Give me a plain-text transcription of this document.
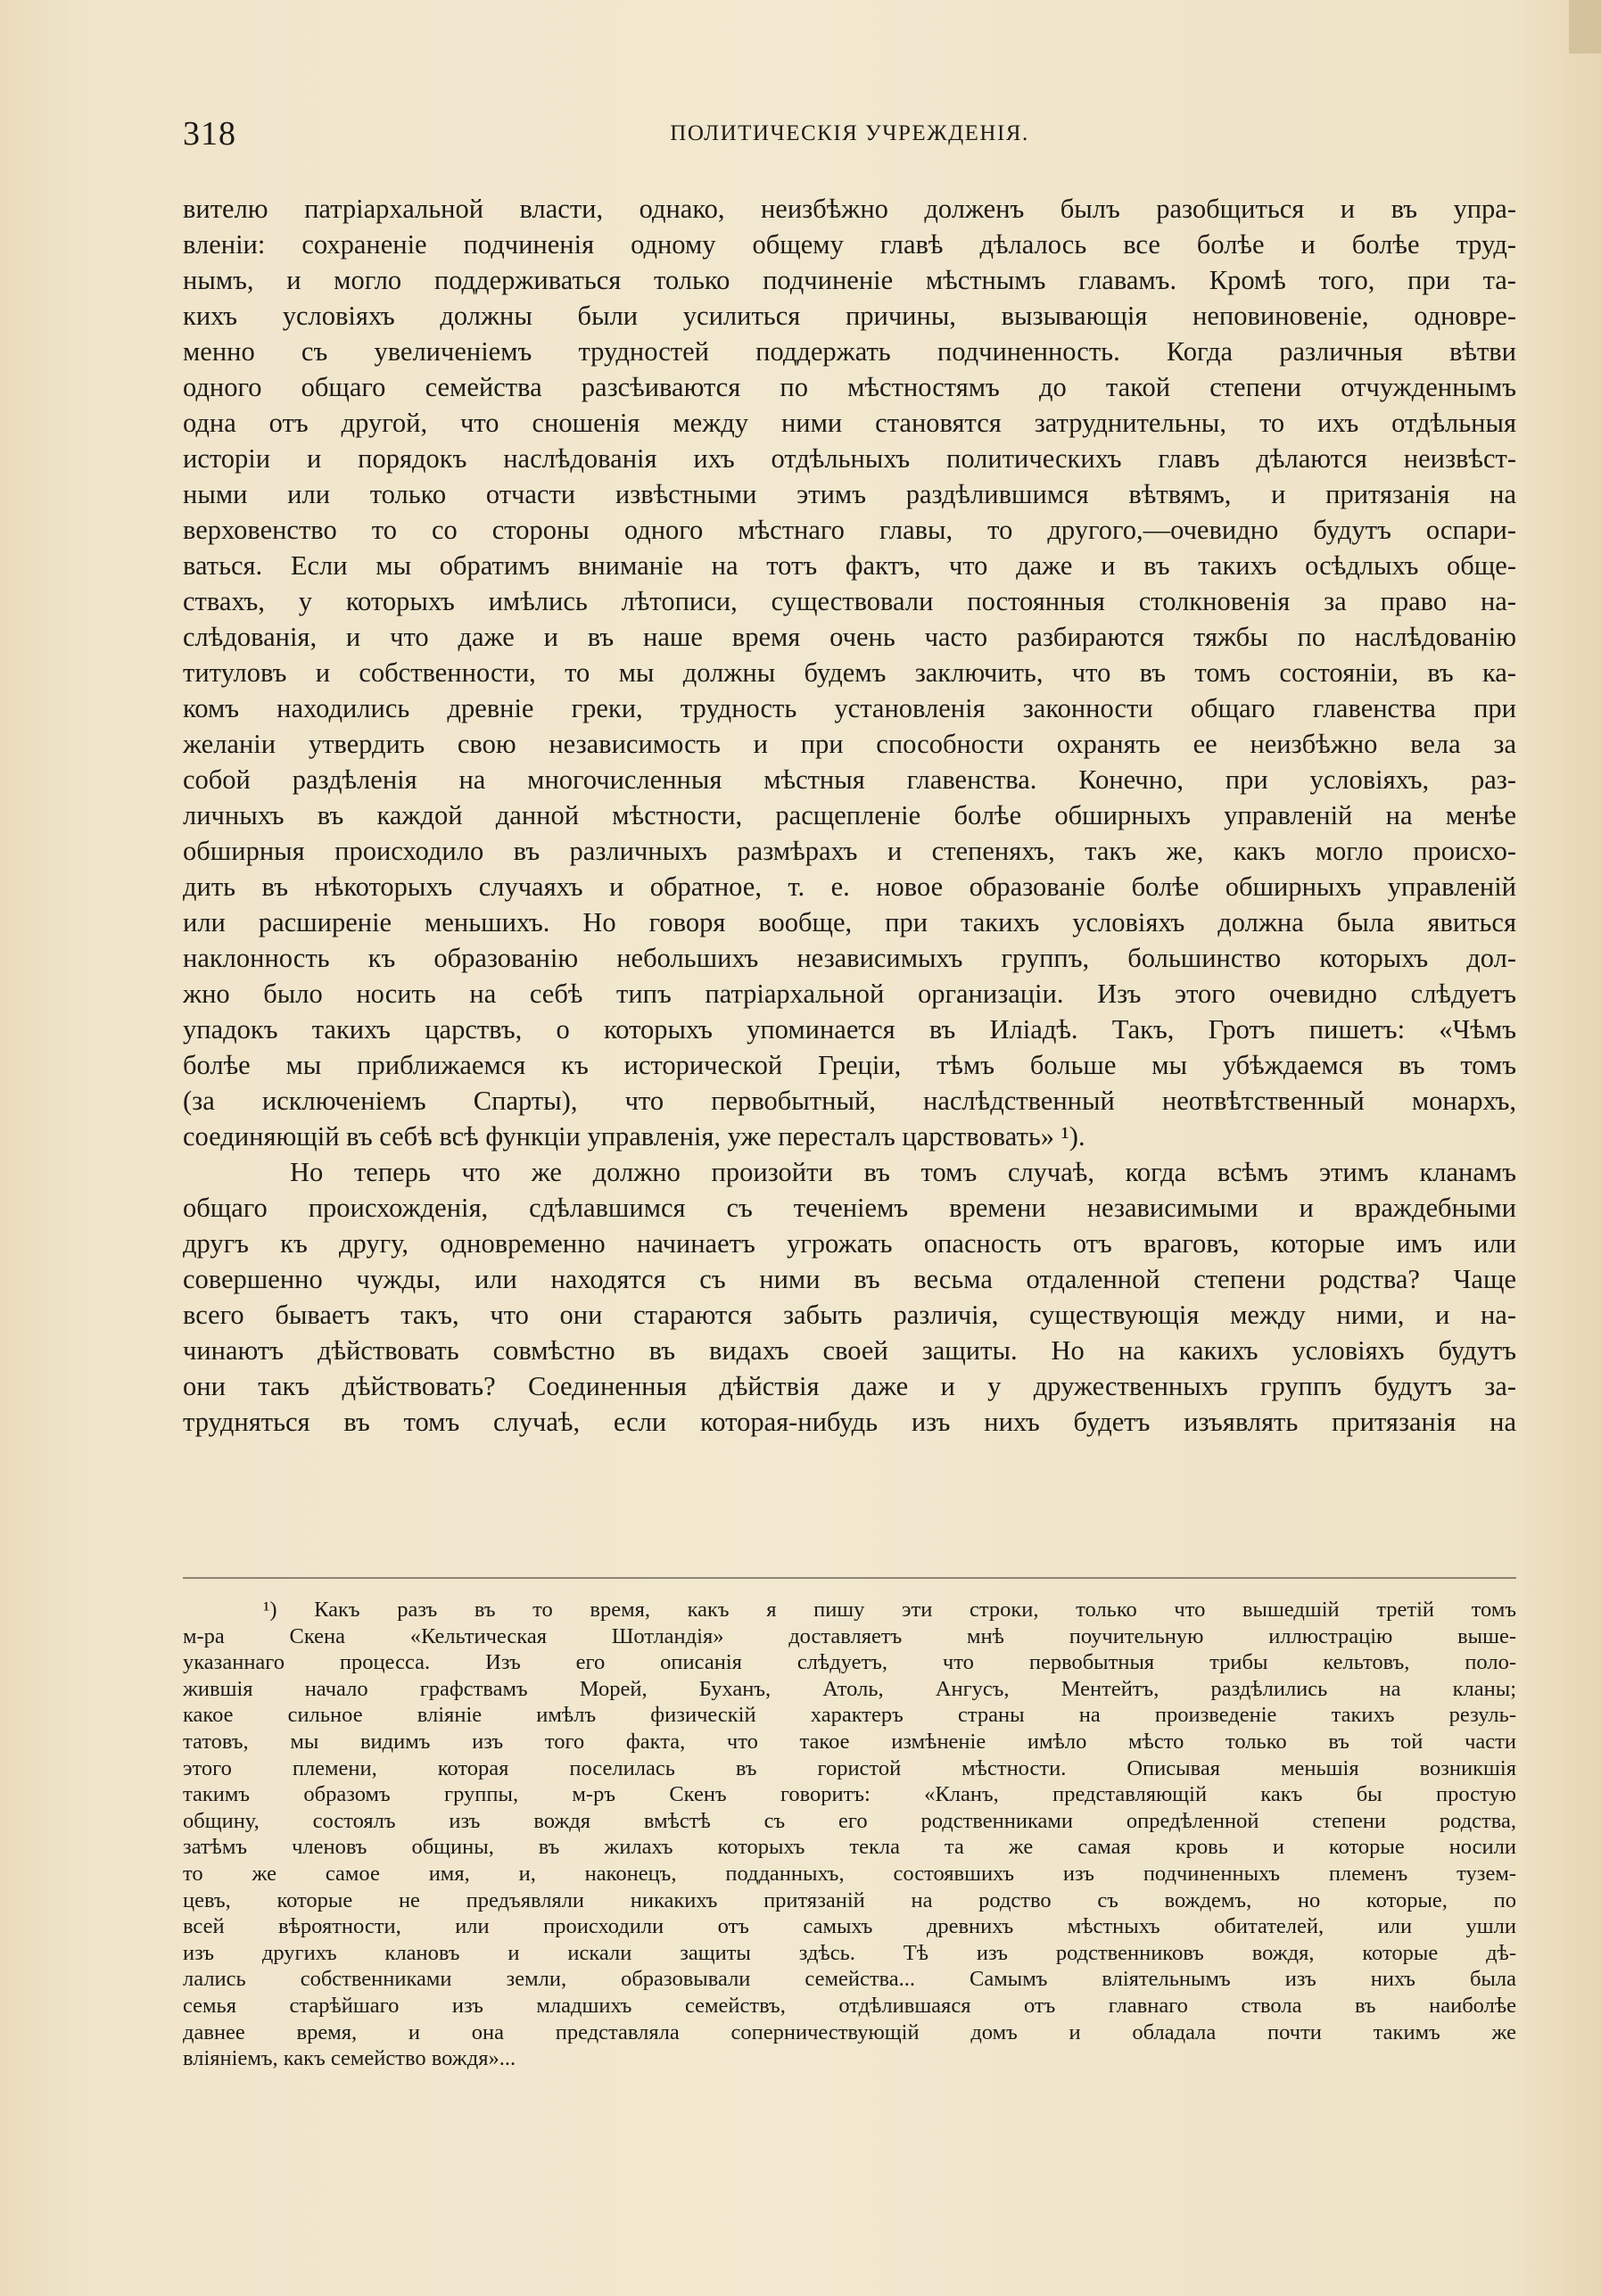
318	ПОЛИТИЧЕСКІЯ УЧРЕЖДЕНІЯ.
вителю патріархальной власти, однако, неизбѣжно долженъ былъ разобщиться и въ упра-
вленіи: сохраненіе подчиненія одному общему главѣ дѣлалось все болѣе и болѣе труд-
нымъ, и могло поддерживаться только подчиненіе мѣстнымъ главамъ. Кромѣ того, при та-
кихъ условіяхъ должны были усилиться причины, вызывающія неповиновеніе, одновре-
менно съ увеличеніемъ трудностей поддержать подчиненность. Когда различныя вѣтви
одного общаго семейства разсѣиваются по мѣстностямъ до такой степени отчужденнымъ
одна отъ другой, что сношенія между ними становятся затруднительны, то ихъ отдѣльныя
исторіи и порядокъ наслѣдованія ихъ отдѣльныхъ политическихъ главъ дѣлаются неизвѣст-
ными или только отчасти извѣстными этимъ раздѣлившимся вѣтвямъ, и притязанія на
верховенство то со стороны одного мѣстнаго главы, то другого,—очевидно будутъ оспари-
ваться. Если мы обратимъ вниманіе на тотъ фактъ, что даже и въ такихъ осѣдлыхъ обще-
ствахъ, у которыхъ имѣлись лѣтописи, существовали постоянныя столкновенія за право на-
слѣдованія, и что даже и въ наше время очень часто разбираются тяжбы по наслѣдованію
титуловъ и собственности, то мы должны будемъ заключить, что въ томъ состояніи, въ ка-
комъ находились древніе греки, трудность установленія законности общаго главенства при
желаніи утвердить свою независимость и при способности охранять ее неизбѣжно вела за
собой раздѣленія на многочисленныя мѣстныя главенства. Конечно, при условіяхъ, раз-
личныхъ въ каждой данной мѣстности, расщепленіе болѣе обширныхъ управленій на менѣе
обширныя происходило въ различныхъ размѣрахъ и степеняхъ, такъ же, какъ могло происхо-
дить въ нѣкоторыхъ случаяхъ и обратное, т. е. новое образованіе болѣе обширныхъ управленій
или расширеніе меньшихъ. Но говоря вообще, при такихъ условіяхъ должна была явиться
наклонность къ образованію небольшихъ независимыхъ группъ, большинство которыхъ дол-
жно было носить на себѣ типъ патріархальной организаціи. Изъ этого очевидно слѣдуетъ
упадокъ такихъ царствъ, о которыхъ упоминается въ Иліадѣ. Такъ, Гротъ пишетъ: «Чѣмъ
болѣе мы приближаемся къ исторической Греціи, тѣмъ больше мы убѣждаемся въ томъ
(за исключеніемъ Спарты), что первобытный, наслѣдственный неотвѣтственный монархъ,
соединяющій въ себѣ всѣ функціи управленія, уже пересталъ царствовать» ¹).
Но теперь что же должно произойти въ томъ случаѣ, когда всѣмъ этимъ кланамъ
общаго происхожденія, сдѣлавшимся съ теченіемъ времени независимыми и враждебными
другъ къ другу, одновременно начинаетъ угрожать опасность отъ враговъ, которые имъ или
совершенно чужды, или находятся съ ними въ весьма отдаленной степени родства? Чаще
всего бываетъ такъ, что они стараются забыть различія, существующія между ними, и на-
чинаютъ дѣйствовать совмѣстно въ видахъ своей защиты. Но на какихъ условіяхъ будутъ
они такъ дѣйствовать? Соединенныя дѣйствія даже и у дружественныхъ группъ будутъ за-
трудняться въ томъ случаѣ, если которая-нибудь изъ нихъ будетъ изъявлять притязанія на
¹) Какъ разъ въ то время, какъ я пишу эти строки, только что вышедшій третій томъ
м-ра Скена «Кельтическая Шотландія» доставляетъ мнѣ поучительную иллюстрацію выше-
указаннаго процесса. Изъ его описанія слѣдуетъ, что первобытныя трибы кельтовъ, поло-
жившія начало графствамъ Морей, Буханъ, Атоль, Ангусъ, Ментейтъ, раздѣлились на кланы;
какое сильное вліяніе имѣлъ физическій характеръ страны на произведеніе такихъ резуль-
татовъ, мы видимъ изъ того факта, что такое измѣненіе имѣло мѣсто только въ той части
этого племени, которая поселилась въ гористой мѣстности. Описывая меньшія возникшія
такимъ образомъ группы, м-ръ Скенъ говоритъ: «Кланъ, представляющій какъ бы простую
общину, состоялъ изъ вождя вмѣстѣ съ его родственниками опредѣленной степени родства,
затѣмъ членовъ общины, въ жилахъ которыхъ текла та же самая кровь и которые носили
то же самое имя, и, наконецъ, подданныхъ, состоявшихъ изъ подчиненныхъ племенъ тузем-
цевъ, которые не предъявляли никакихъ притязаній на родство съ вождемъ, но которые, по
всей вѣроятности, или происходили отъ самыхъ древнихъ мѣстныхъ обитателей, или ушли
изъ другихъ клановъ и искали защиты здѣсь. Тѣ изъ родственниковъ вождя, которые дѣ-
лались собственниками земли, образовывали семейства... Самымъ вліятельнымъ изъ нихъ была
семья старѣйшаго изъ младшихъ семействъ, отдѣлившаяся отъ главнаго ствола въ наиболѣе
давнее время, и она представляла соперничествующій домъ и обладала почти такимъ же
вліяніемъ, какъ семейство вождя»...
